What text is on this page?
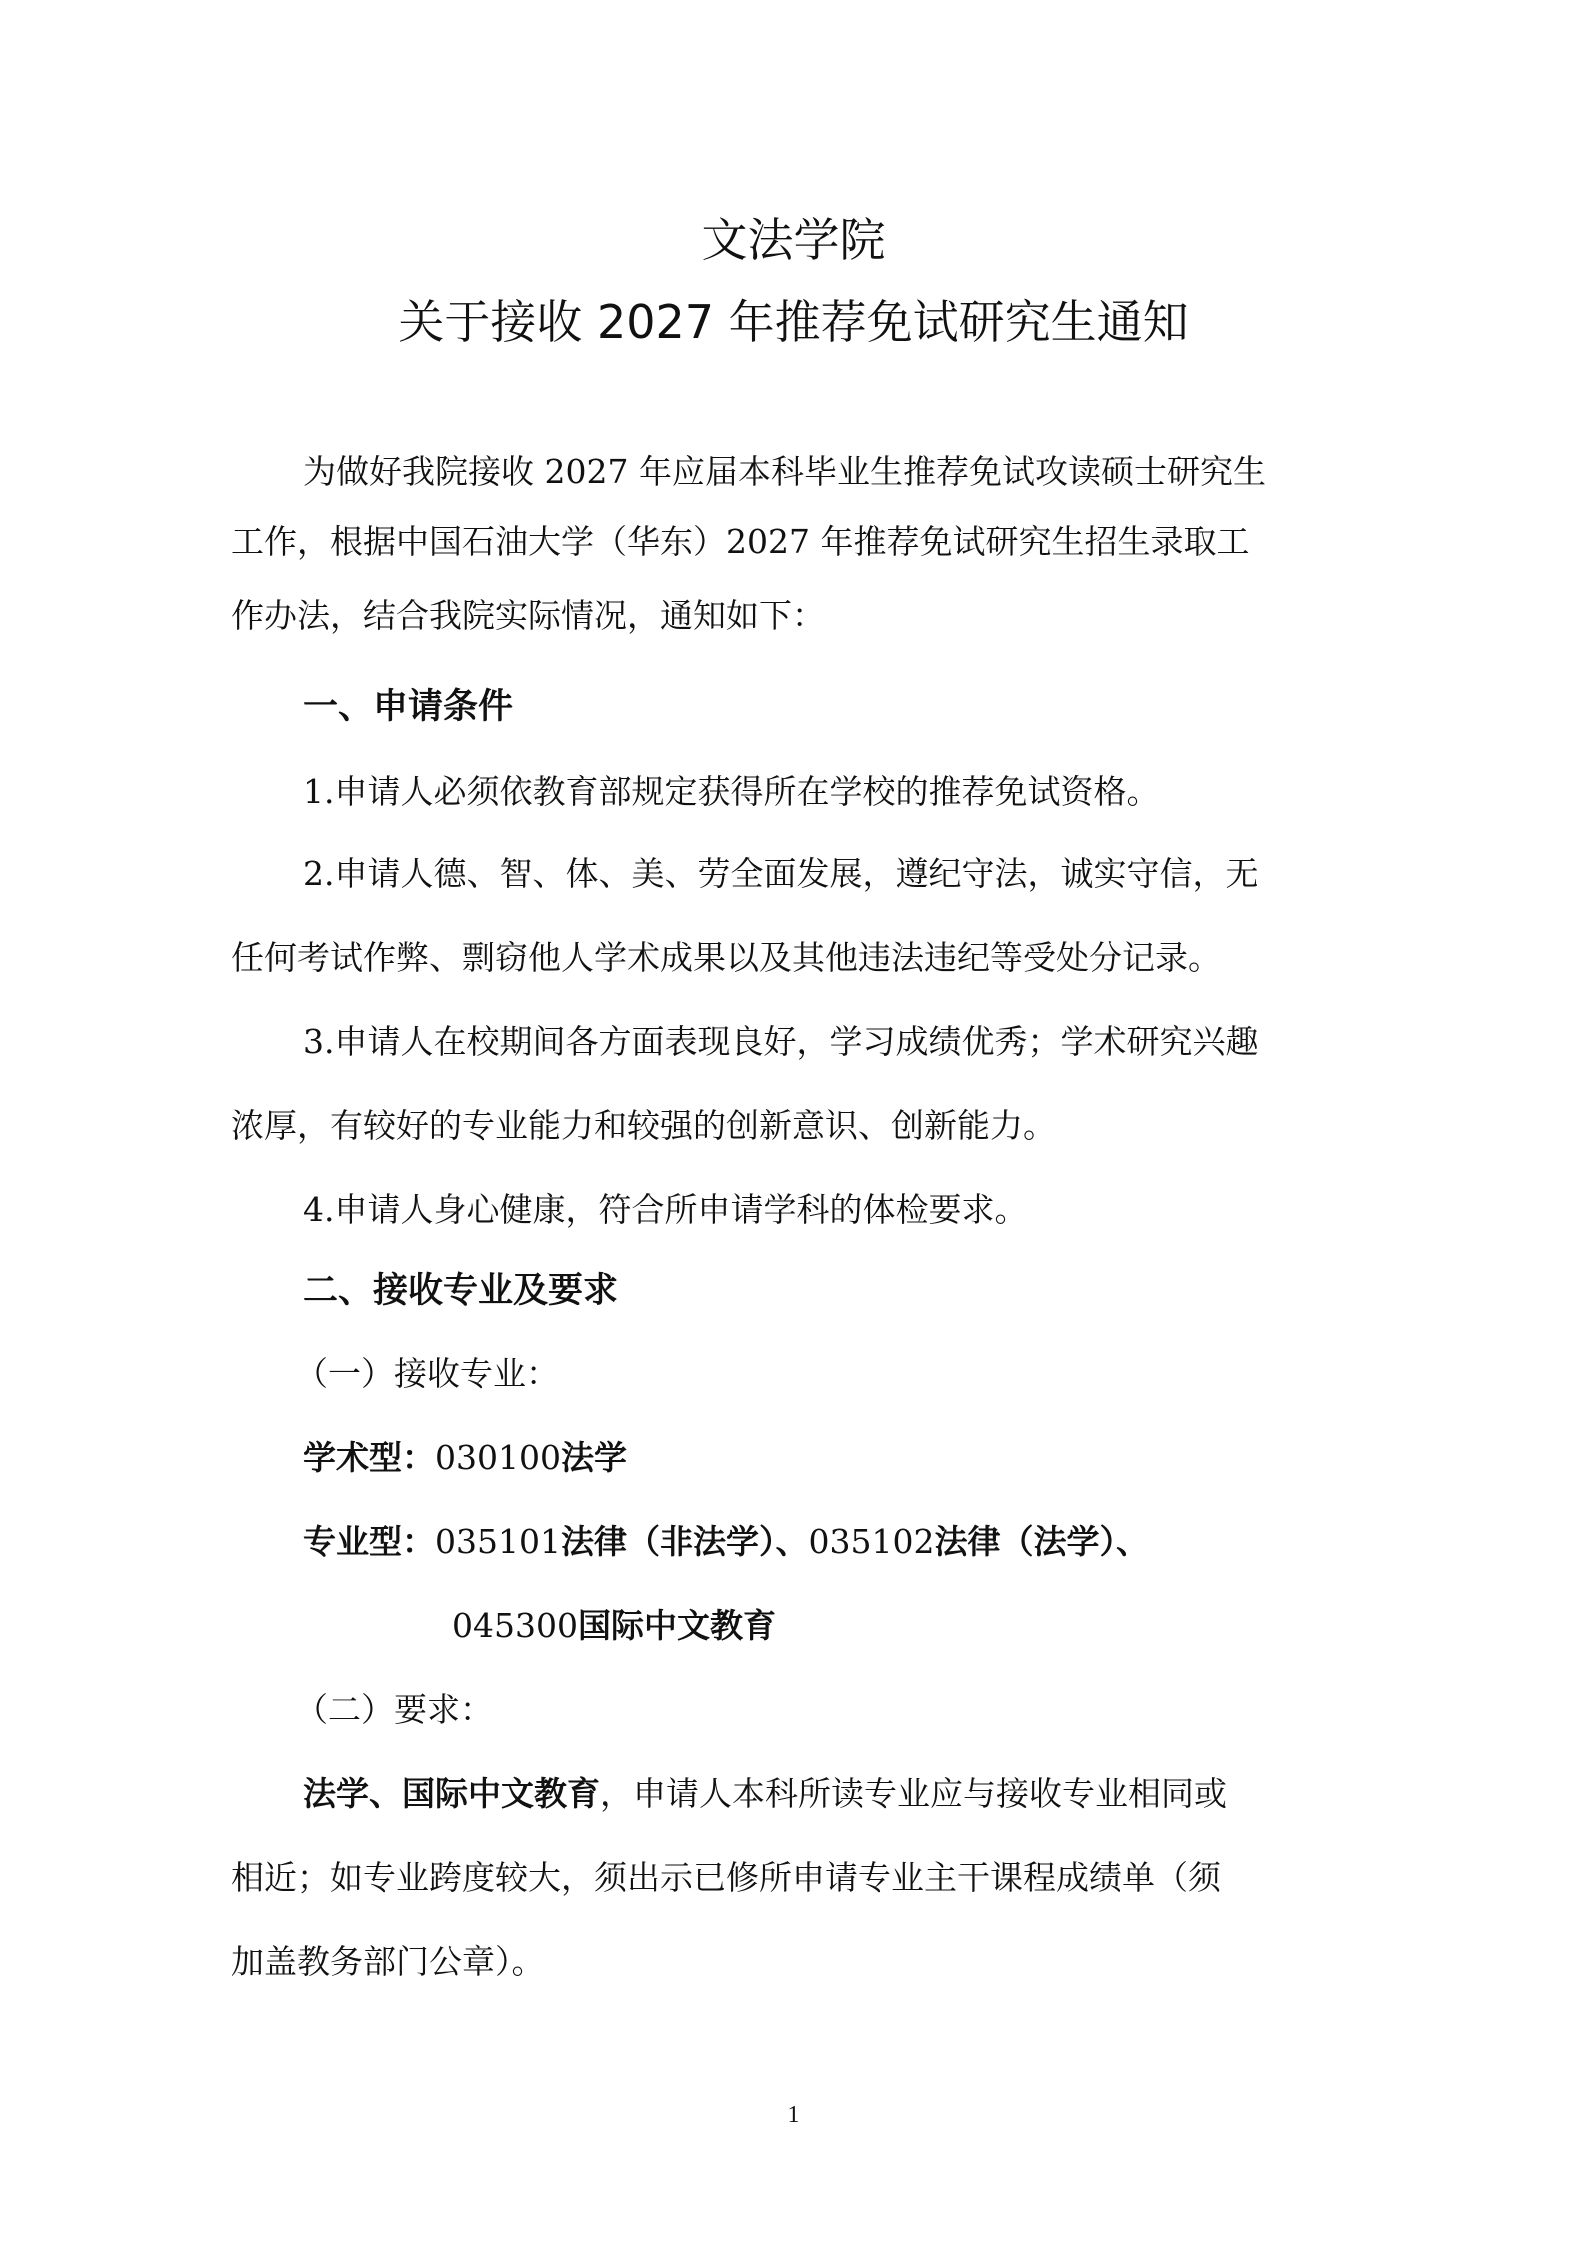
文法学院
关于接收 2027 年推荐免试研究生通知
为做好我院接收 2027 年应届本科毕业生推荐免试攻读硕士研究生
工作，根据中国石油大学（华东）2027 年推荐免试研究生招生录取工
作办法，结合我院实际情况，通知如下：
一、申请条件
1.申请人必须依教育部规定获得所在学校的推荐免试资格。
2.申请人德、智、体、美、劳全面发展，遵纪守法，诚实守信，无
任何考试作弊、剽窃他人学术成果以及其他违法违纪等受处分记录。
3.申请人在校期间各方面表现良好，学习成绩优秀；学术研究兴趣
浓厚，有较好的专业能力和较强的创新意识、创新能力。
4.申请人身心健康，符合所申请学科的体检要求。
二、接收专业及要求
（一）接收专业：
学术型：030100法学
专业型：035101法律（非法学）、035102法律（法学）、
045300国际中文教育
（二）要求：
法学、国际中文教育，申请人本科所读专业应与接收专业相同或
相近；如专业跨度较大，须出示已修所申请专业主干课程成绩单（须
加盖教务部门公章）。
1
